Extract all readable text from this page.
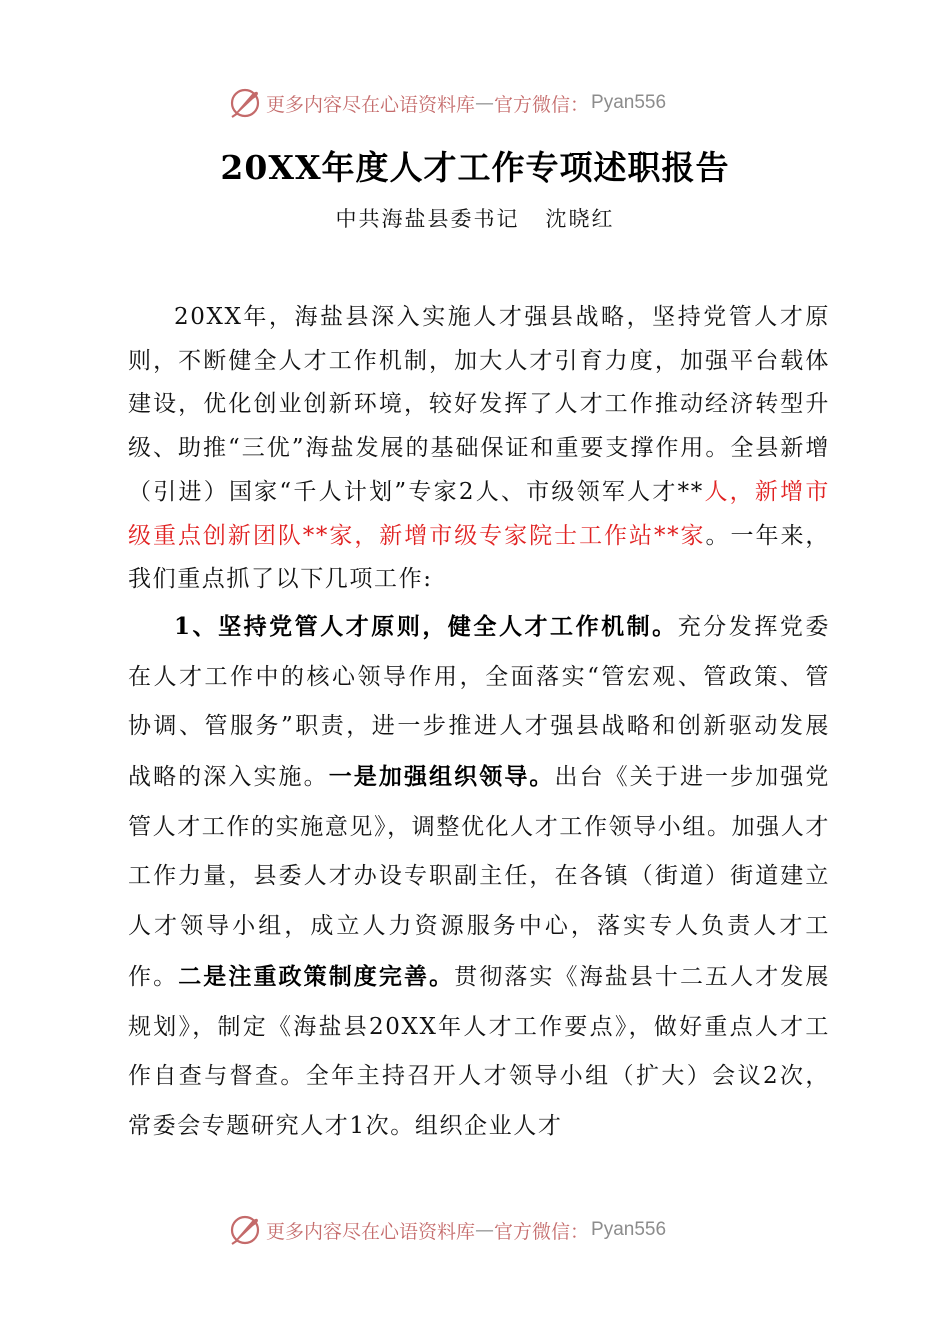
更多内容尽在心语资料库 — 官方微信： Pyan556
20XX年度人才工作专项述职报告
中共海盐县委书记 沈晓红

20XX年，海盐县深入实施人才强县战略，坚持党管人才原则，不断健全人才工作机制，加大人才引育力度，加强平台载体建设，优化创业创新环境，较好发挥了人才工作推动经济转型升级、助推“三优”海盐发展的基础保证和重要支撑作用。全县新增（引进）国家“千人计划”专家2人、市级领军人才**人，新增市级重点创新团队**家，新增市级专家院士工作站**家。一年来，我们重点抓了以下几项工作:

1、坚持党管人才原则，健全人才工作机制。充分发挥党委在人才工作中的核心领导作用，全面落实“管宏观、管政策、管协调、管服务”职责，进一步推进人才强县战略和创新驱动发展战略的深入实施。一是加强组织领导。出台《关于进一步加强党管人才工作的实施意见》，调整优化人才工作领导小组。加强人才工作力量，县委人才办设专职副主任，在各镇（街道）街道建立人才领导小组，成立人力资源服务中心，落实专人负责人才工作。二是注重政策制度完善。贯彻落实《海盐县十二五人才发展规划》，制定《海盐县20XX年人才工作要点》，做好重点人才工作自查与督查。全年主持召开人才领导小组（扩大）会议2次，常委会专题研究人才1次。组织企业人才

更多内容尽在心语资料库 — 官方微信： Pyan556
